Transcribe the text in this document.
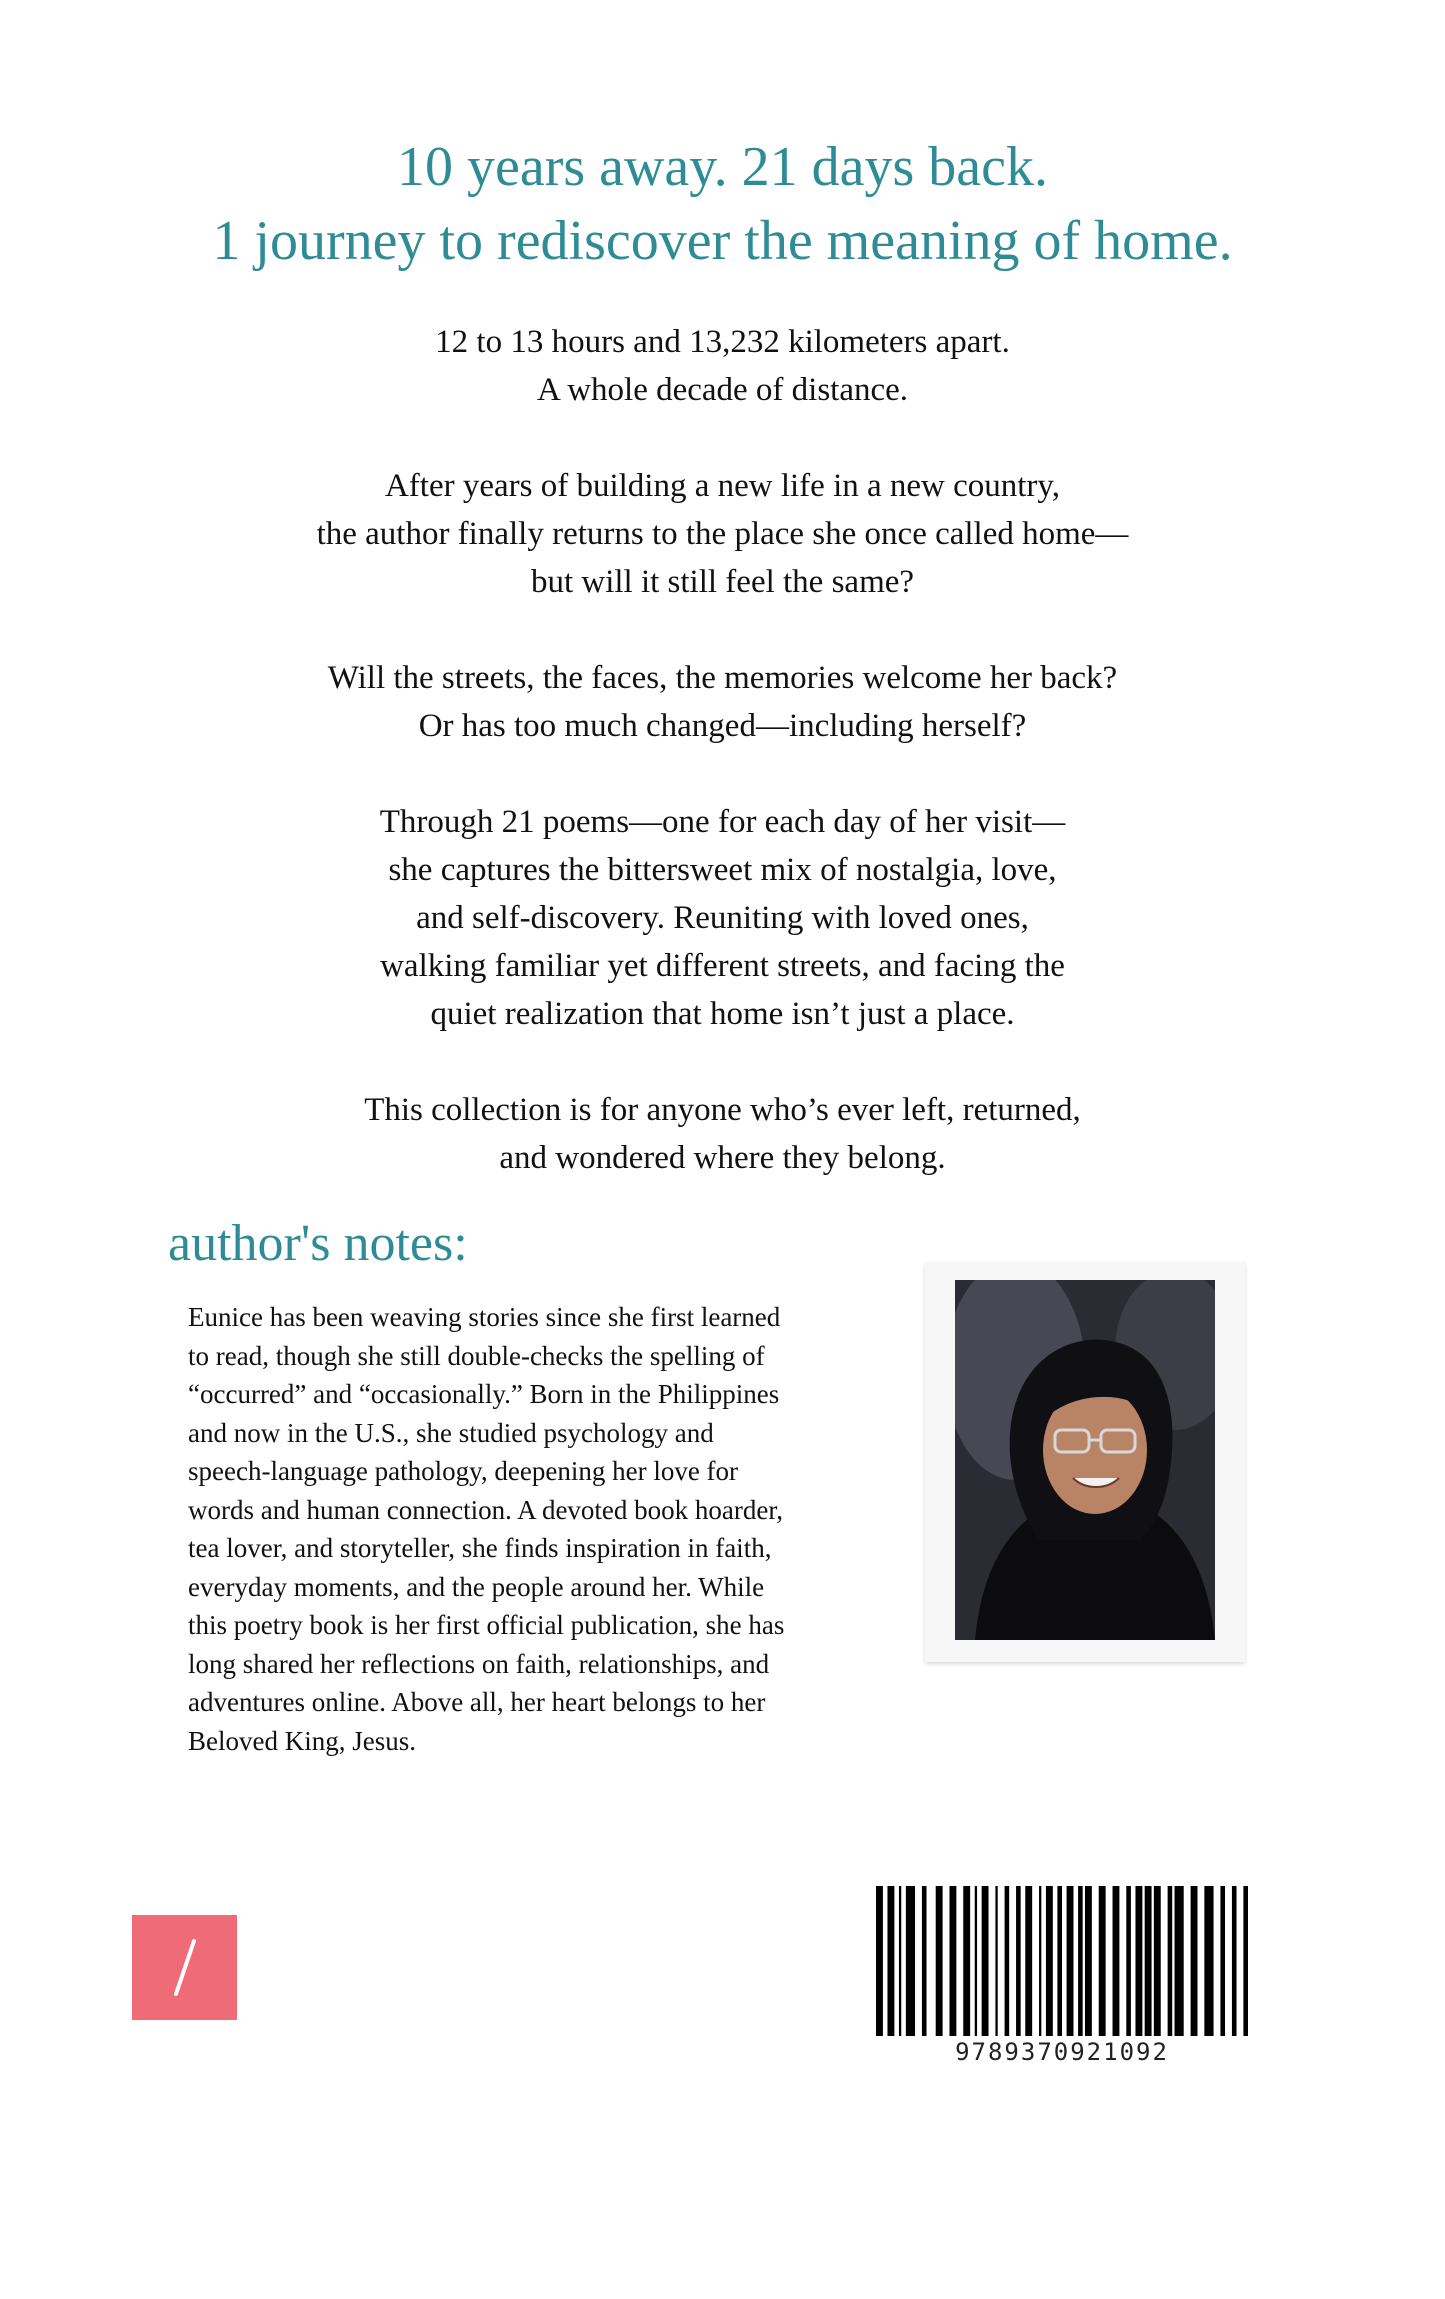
10 years away. 21 days back.
1 journey to rediscover the meaning of home.
12 to 13 hours and 13,232 kilometers apart.
A whole decade of distance.
After years of building a new life in a new country,
the author finally returns to the place she once called home—
but will it still feel the same?
Will the streets, the faces, the memories welcome her back?
Or has too much changed—including herself?
Through 21 poems—one for each day of her visit—
she captures the bittersweet mix of nostalgia, love,
and self-discovery. Reuniting with loved ones,
walking familiar yet different streets, and facing the
quiet realization that home isn’t just a place.
This collection is for anyone who’s ever left, returned,
and wondered where they belong.
author's notes:
Eunice has been weaving stories since she first learned
to read, though she still double-checks the spelling of
“occurred” and “occasionally.” Born in the Philippines
and now in the U.S., she studied psychology and
speech-language pathology, deepening her love for
words and human connection. A devoted book hoarder,
tea lover, and storyteller, she finds inspiration in faith,
everyday moments, and the people around her. While
this poetry book is her first official publication, she has
long shared her reflections on faith, relationships, and
adventures online. Above all, her heart belongs to her
Beloved King, Jesus.
9789370921092
